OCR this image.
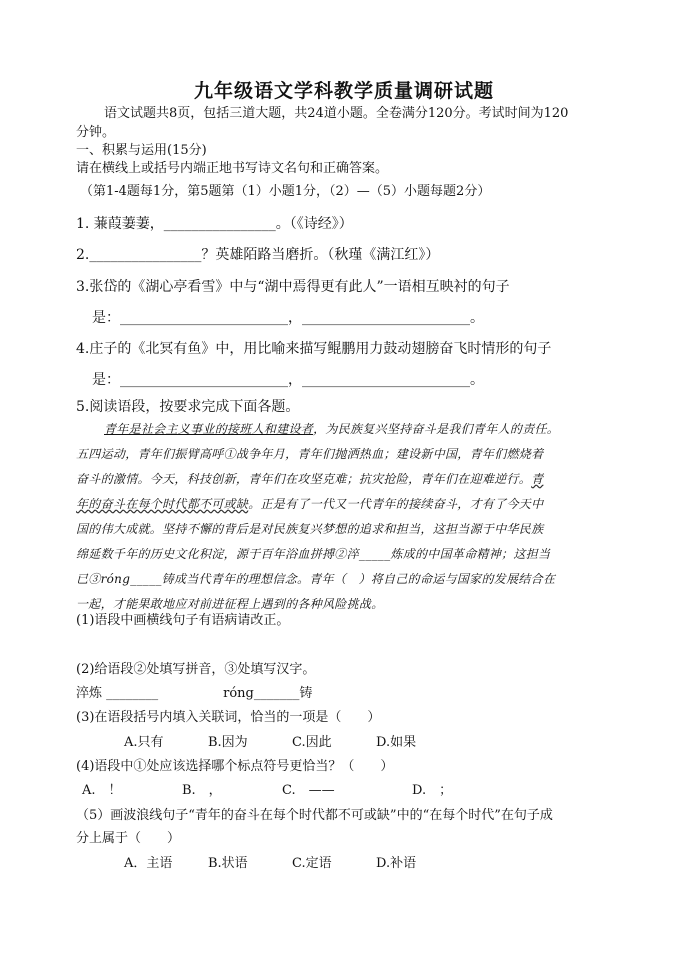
九年级语文学科教学质量调研试题
语文试题共8页，包括三道大题，共24道小题。全卷满分120分。考试时间为120
分钟。
一、积累与运用(15分)
请在横线上或括号内端正地书写诗文名句和正确答案。
（第1-4题每1分，第5题第（1）小题1分，（2）—（5）小题每题2分）
1. 蒹葭萋萋，________________。（《诗经》）
2.________________？英雄陌路当磨折。（秋瑾《满江红》）
3.张岱的《湖心亭看雪》中与“湖中焉得更有此人”一语相互映衬的句子
是：________________________，________________________。
4.庄子的《北冥有鱼》中，用比喻来描写鲲鹏用力鼓动翅膀奋飞时情形的句子
是：________________________，________________________。
5.阅读语段，按要求完成下面各题。
青年是社会主义事业的接班人和建设者，为民族复兴坚持奋斗是我们青年人的责任。
五四运动，青年们振臂高呼①战争年月，青年们抛洒热血；建设新中国，青年们燃烧着
奋斗的激情。今天，科技创新，青年们在攻坚克难；抗灾抢险，青年们在迎难逆行。青
年的奋斗在每个时代都不可或缺。正是有了一代又一代青年的接续奋斗，才有了今天中
国的伟大成就。坚持不懈的背后是对民族复兴梦想的追求和担当，这担当源于中华民族
绵延数千年的历史文化积淀，源于百年浴血拼搏②淬_____炼成的中国革命精神；这担当
已③róng_____铸成当代青年的理想信念。青年（　）将自己的命运与国家的发展结合在
一起，才能果敢地应对前进征程上遇到的各种风险挑战。
(1)语段中画横线句子有语病请改正。
(2)给语段②处填写拼音，③处填写汉字。
淬炼 ________　　　　　róng_______铸
(3)在语段括号内填入关联词，恰当的一项是（　　）
A.只有	B.因为	C.因此	D.如果
(4)语段中①处应该选择哪个标点符号更恰当？（　　）
A.　！	B.　，	C.　——	D.　；
（5）画波浪线句子“青年的奋斗在每个时代都不可或缺”中的“在每个时代”在句子成
分上属于（　　）
A．主语	B.状语	C.定语	D.补语
